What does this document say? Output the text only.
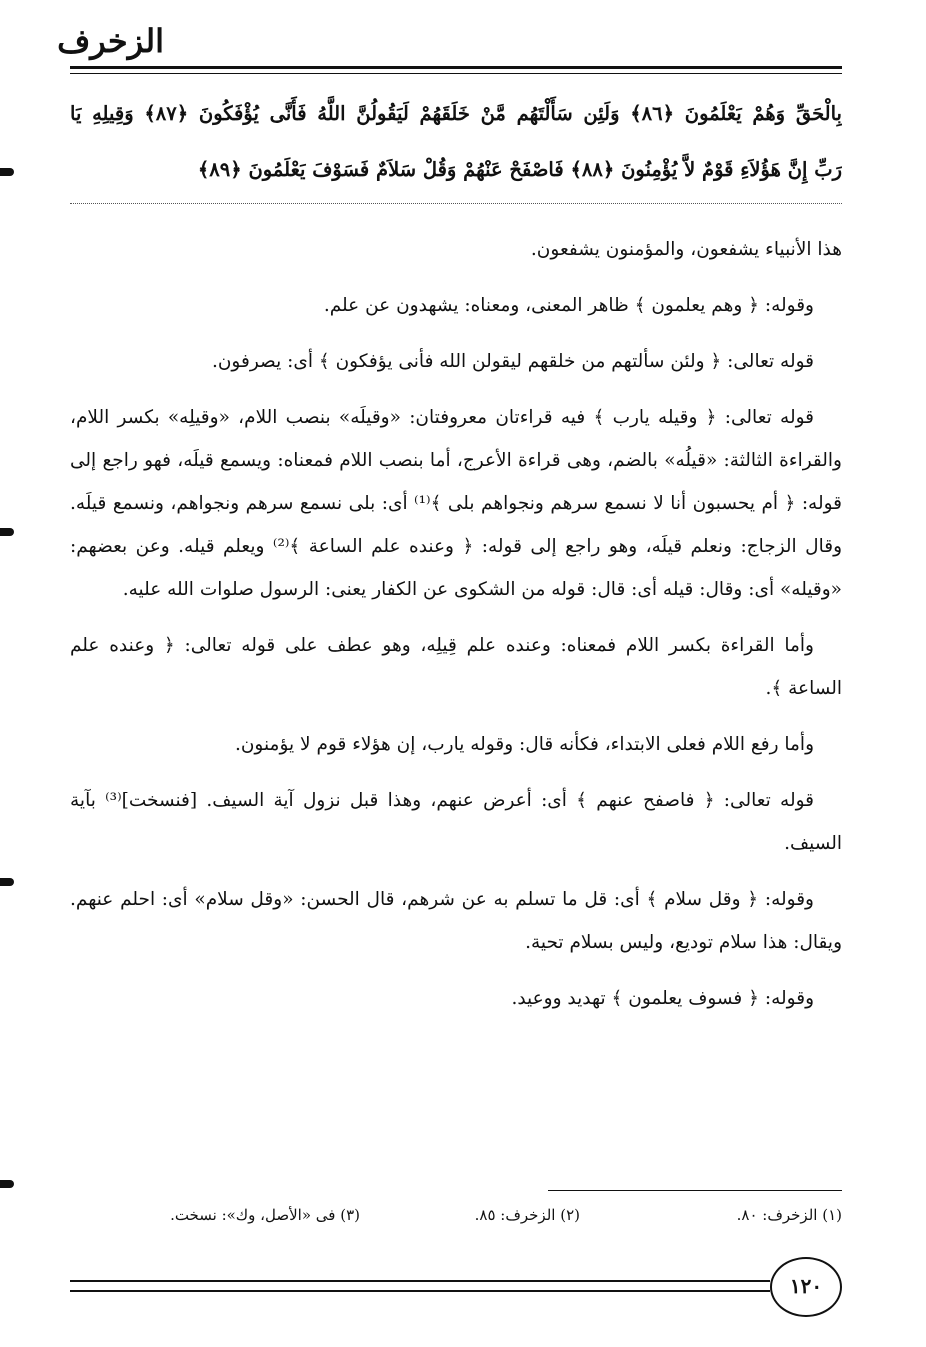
الزخرف
بِالْحَقِّ وَهُمْ يَعْلَمُونَ ﴿٨٦﴾ وَلَئِن سَأَلْتَهُم مَّنْ خَلَقَهُمْ لَيَقُولُنَّ اللَّهُ فَأَنَّى يُؤْفَكُونَ ﴿٨٧﴾ وَقِيلِهِ يَا
رَبِّ إِنَّ هَؤُلاَءِ قَوْمٌ لاَّ يُؤْمِنُونَ ﴿٨٨﴾ فَاصْفَحْ عَنْهُمْ وَقُلْ سَلاَمٌ فَسَوْفَ يَعْلَمُونَ ﴿٨٩﴾

هذا الأنبياء يشفعون، والمؤمنون يشفعون.

وقوله: ﴿ وهم يعلمون ﴾ ظاهر المعنى، ومعناه: يشهدون عن علم.

قوله تعالى: ﴿ ولئن سألتهم من خلقهم ليقولن الله فأنى يؤفكون ﴾ أى: يصرفون.

قوله تعالى: ﴿ وقيله يارب ﴾ فيه قراءتان معروفتان: «وقيلَه» بنصب اللام، «وقيلِه» بكسر اللام، والقراءة الثالثة: «قيلُه» بالضم، وهى قراءة الأعرج، أما بنصب اللام فمعناه: ويسمع قيلَه، فهو راجع إلى قوله: ﴿ أم يحسبون أنا لا نسمع سرهم ونجواهم بلى ﴾⁽¹⁾ أى: بلى نسمع سرهم ونجواهم، ونسمع قيلَه. وقال الزجاج: ونعلم قيلَه، وهو راجع إلى قوله: ﴿ وعنده علم الساعة ﴾⁽²⁾ ويعلم قيله. وعن بعضهم: «وقيله» أى: وقال: قيله أى: قال: قوله من الشكوى عن الكفار يعنى: الرسول صلوات الله عليه.

وأما القراءة بكسر اللام فمعناه: وعنده علم قِيلِه، وهو عطف على قوله تعالى: ﴿ وعنده علم الساعة ﴾.

وأما رفع اللام فعلى الابتداء، فكأنه قال: وقوله يارب، إن هؤلاء قوم لا يؤمنون.

قوله تعالى: ﴿ فاصفح عنهم ﴾ أى: أعرض عنهم، وهذا قبل نزول آية السيف. [فنسخت]⁽³⁾ بآية السيف.

وقوله: ﴿ وقل سلام ﴾ أى: قل ما تسلم به عن شرهم، قال الحسن: «وقل سلام» أى: احلم عنهم. ويقال: هذا سلام توديع، وليس بسلام تحية.

وقوله: ﴿ فسوف يعلمون ﴾ تهديد ووعيد.

(١) الزخرف: ٨٠.
(٢) الزخرف: ٨٥.
(٣) فى «الأصل، وك»: نسخت.
١٢٠
